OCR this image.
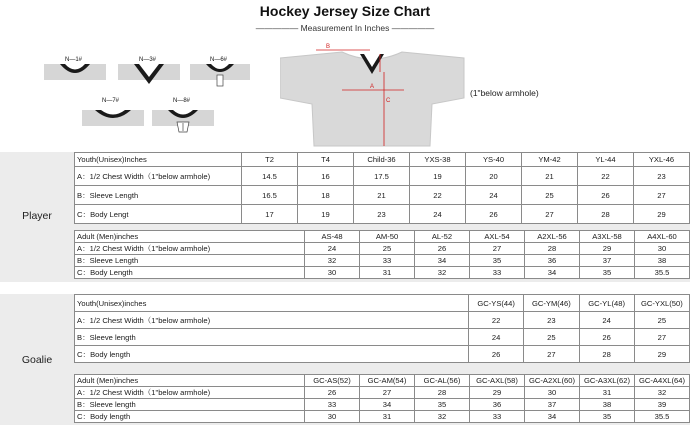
Hockey Jersey Size Chart
————— Measurement In Inches —————
N—1#	N—3#	N—6#
N—7#	N—8#
B
A
C
(1"below armhole)
Player
Youth(Unisex)Inches	T2	T4	Child-36	YXS-38	YS-40	YM-42	YL-44	YXL-46
A：1/2 Chest Width（1"below armhole)	14.5	16	17.5	19	20	21	22	23
B：Sleeve Length	16.5	18	21	22	24	25	26	27
C：Body Lengt	17	19	23	24	26	27	28	29
Adult (Men)inches	AS-48	AM-50	AL-52	AXL-54	A2XL-56	A3XL-58	A4XL-60
A：1/2 Chest Width（1"below armhole)	24	25	26	27	28	29	30
B：Sleeve Length	32	33	34	35	36	37	38
C：Body Length	30	31	32	33	34	35	35.5
Goalie
Youth(Unisex)inches	GC-YS(44)	GC-YM(46)	GC-YL(48)	GC-YXL(50)
A：1/2 Chest Width（1"below armhole)	22	23	24	25
B：Sleeve length	24	25	26	27
C：Body length	26	27	28	29
Adult (Men)inches	GC-AS(52)	GC-AM(54)	GC-AL(56)	GC-AXL(58)	GC-A2XL(60)	GC-A3XL(62)	GC-A4XL(64)
A：1/2 Chest Width（1"below armhole)	26	27	28	29	30	31	32
B：Sleeve length	33	34	35	36	37	38	39
C：Body length	30	31	32	33	34	35	35.5
